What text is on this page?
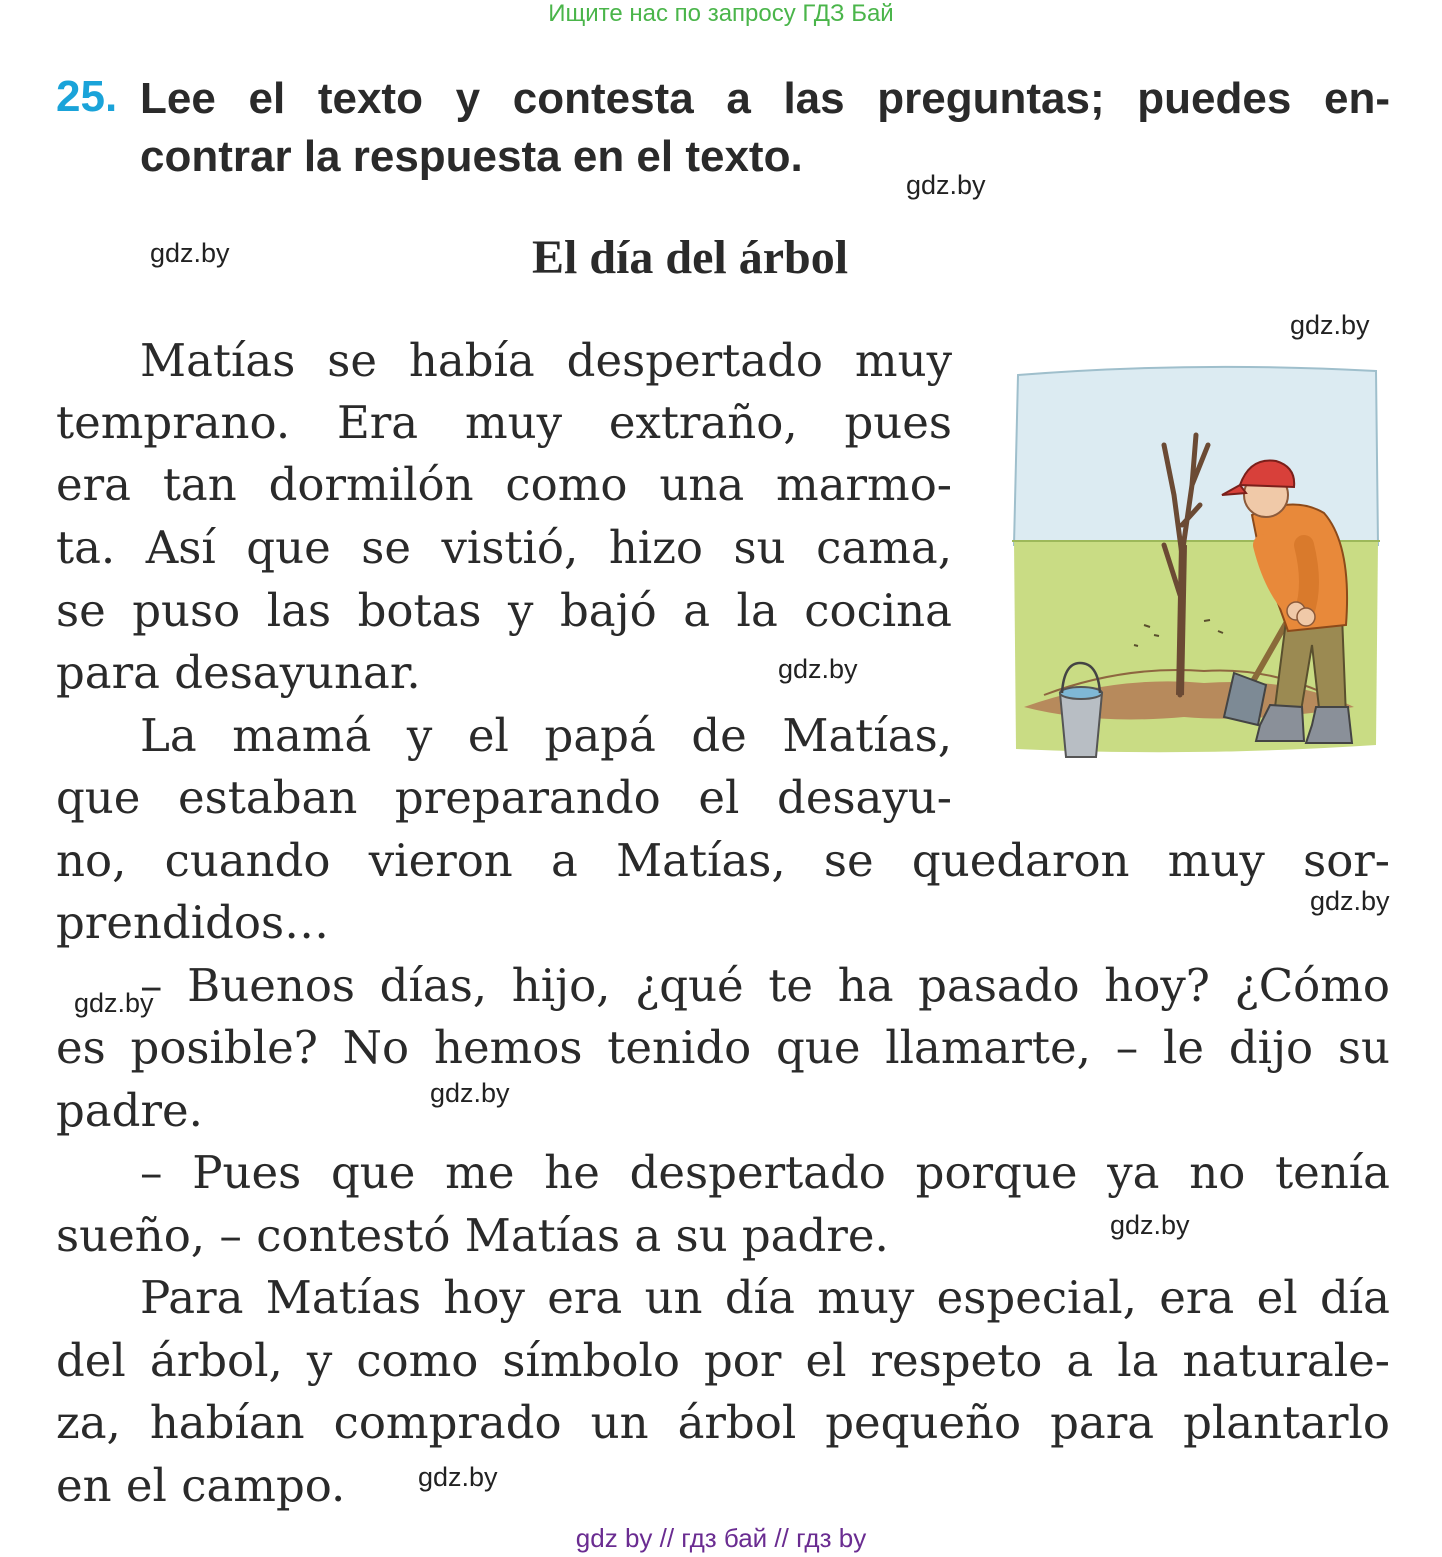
Ищите нас по запросу ГДЗ Бай
25. Lee el texto y contesta a las preguntas; puedes en-
contrar la respuesta en el texto.
El día del árbol
gdz.by
gdz.by
gdz.by
gdz.by
gdz.by
gdz.by
gdz.by
gdz.by
gdz.by
Matías se había despertado muy
temprano. Era muy extraño, pues
era tan dormilón como una marmo-
ta. Así que se vistió, hizo su cama,
se puso las botas y bajó a la cocina
para desayunar.
La mamá y el papá de Matías,
que estaban preparando el desayu-
no, cuando vieron a Matías, se quedaron muy sor-
prendidos…
– Buenos días, hijo, ¿qué te ha pasado hoy? ¿Cómo
es posible? No hemos tenido que llamarte, – le dijo su
padre.
– Pues que me he despertado porque ya no tenía
sueño, – contestó Matías a su padre.
Para Matías hoy era un día muy especial, era el día
del árbol, y como símbolo por el respeto a la naturale-
za, habían comprado un árbol pequeño para plantarlo
en el campo.
gdz by // гдз бай // гдз by
